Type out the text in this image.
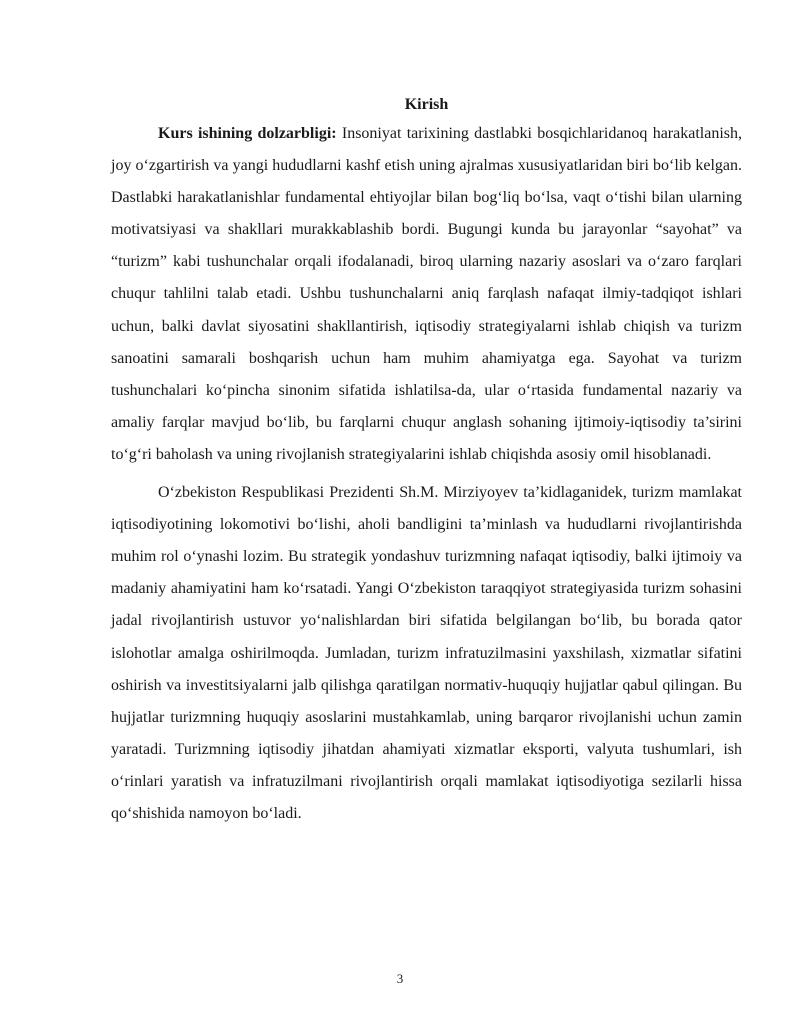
Kirish

Kurs ishining dolzarbligi: Insoniyat tarixining dastlabki bosqichlaridanoq harakatlanish, joy o‘zgartirish va yangi hududlarni kashf etish uning ajralmas xususiyatlaridan biri bo‘lib kelgan. Dastlabki harakatlanishlar fundamental ehtiyojlar bilan bog‘liq bo‘lsa, vaqt o‘tishi bilan ularning motivatsiyasi va shakllari murakkablashib bordi. Bugungi kunda bu jarayonlar “sayohat” va “turizm” kabi tushunchalar orqali ifodalanadi, biroq ularning nazariy asoslari va o‘zaro farqlari chuqur tahlilni talab etadi. Ushbu tushunchalarni aniq farqlash nafaqat ilmiy-tadqiqot ishlari uchun, balki davlat siyosatini shakllantirish, iqtisodiy strategiyalarni ishlab chiqish va turizm sanoatini samarali boshqarish uchun ham muhim ahamiyatga ega. Sayohat va turizm tushunchalari ko‘pincha sinonim sifatida ishlatilsa-da, ular o‘rtasida fundamental nazariy va amaliy farqlar mavjud bo‘lib, bu farqlarni chuqur anglash sohaning ijtimoiy-iqtisodiy ta’sirini to‘g‘ri baholash va uning rivojlanish strategiyalarini ishlab chiqishda asosiy omil hisoblanadi.

O‘zbekiston Respublikasi Prezidenti Sh.M. Mirziyoyev ta’kidlaganidek, turizm mamlakat iqtisodiyotining lokomotivi bo‘lishi, aholi bandligini ta’minlash va hududlarni rivojlantirishda muhim rol o‘ynashi lozim. Bu strategik yondashuv turizmning nafaqat iqtisodiy, balki ijtimoiy va madaniy ahamiyatini ham ko‘rsatadi. Yangi O‘zbekiston taraqqiyot strategiyasida turizm sohasini jadal rivojlantirish ustuvor yo‘nalishlardan biri sifatida belgilangan bo‘lib, bu borada qator islohotlar amalga oshirilmoqda. Jumladan, turizm infratuzilmasini yaxshilash, xizmatlar sifatini oshirish va investitsiyalarni jalb qilishga qaratilgan normativ-huquqiy hujjatlar qabul qilingan. Bu hujjatlar turizmning huquqiy asoslarini mustahkamlab, uning barqaror rivojlanishi uchun zamin yaratadi. Turizmning iqtisodiy jihatdan ahamiyati xizmatlar eksporti, valyuta tushumlari, ish o‘rinlari yaratish va infratuzilmani rivojlantirish orqali mamlakat iqtisodiyotiga sezilarli hissa qo‘shishida namoyon bo‘ladi.

3
